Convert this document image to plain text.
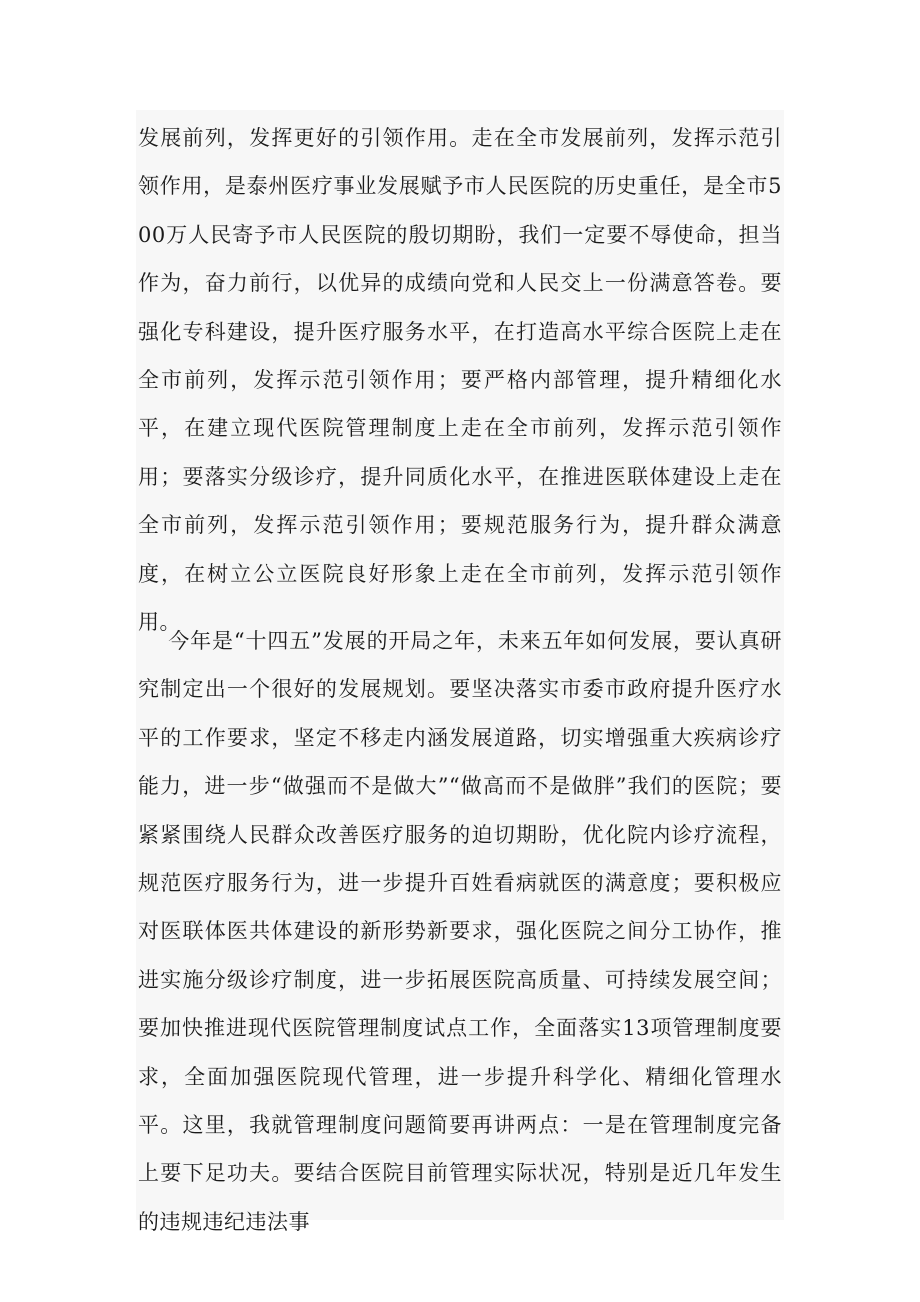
发展前列，发挥更好的引领作用。走在全市发展前列，发挥示范引领作用，是泰州医疗事业发展赋予市人民医院的历史重任，是全市500万人民寄予市人民医院的殷切期盼，我们一定要不辱使命，担当作为，奋力前行，以优异的成绩向党和人民交上一份满意答卷。要强化专科建设，提升医疗服务水平，在打造高水平综合医院上走在全市前列，发挥示范引领作用；要严格内部管理，提升精细化水平，在建立现代医院管理制度上走在全市前列，发挥示范引领作用；要落实分级诊疗，提升同质化水平，在推进医联体建设上走在全市前列，发挥示范引领作用；要规范服务行为，提升群众满意度，在树立公立医院良好形象上走在全市前列，发挥示范引领作用。

今年是“十四五”发展的开局之年，未来五年如何发展，要认真研究制定出一个很好的发展规划。要坚决落实市委市政府提升医疗水平的工作要求，坚定不移走内涵发展道路，切实增强重大疾病诊疗能力，进一步“做强而不是做大”“做高而不是做胖”我们的医院；要紧紧围绕人民群众改善医疗服务的迫切期盼，优化院内诊疗流程，规范医疗服务行为，进一步提升百姓看病就医的满意度；要积极应对医联体医共体建设的新形势新要求，强化医院之间分工协作，推进实施分级诊疗制度，进一步拓展医院高质量、可持续发展空间；要加快推进现代医院管理制度试点工作，全面落实13项管理制度要求，全面加强医院现代管理，进一步提升科学化、精细化管理水平。这里，我就管理制度问题简要再讲两点：一是在管理制度完备上要下足功夫。要结合医院目前管理实际状况，特别是近几年发生的违规违纪违法事
